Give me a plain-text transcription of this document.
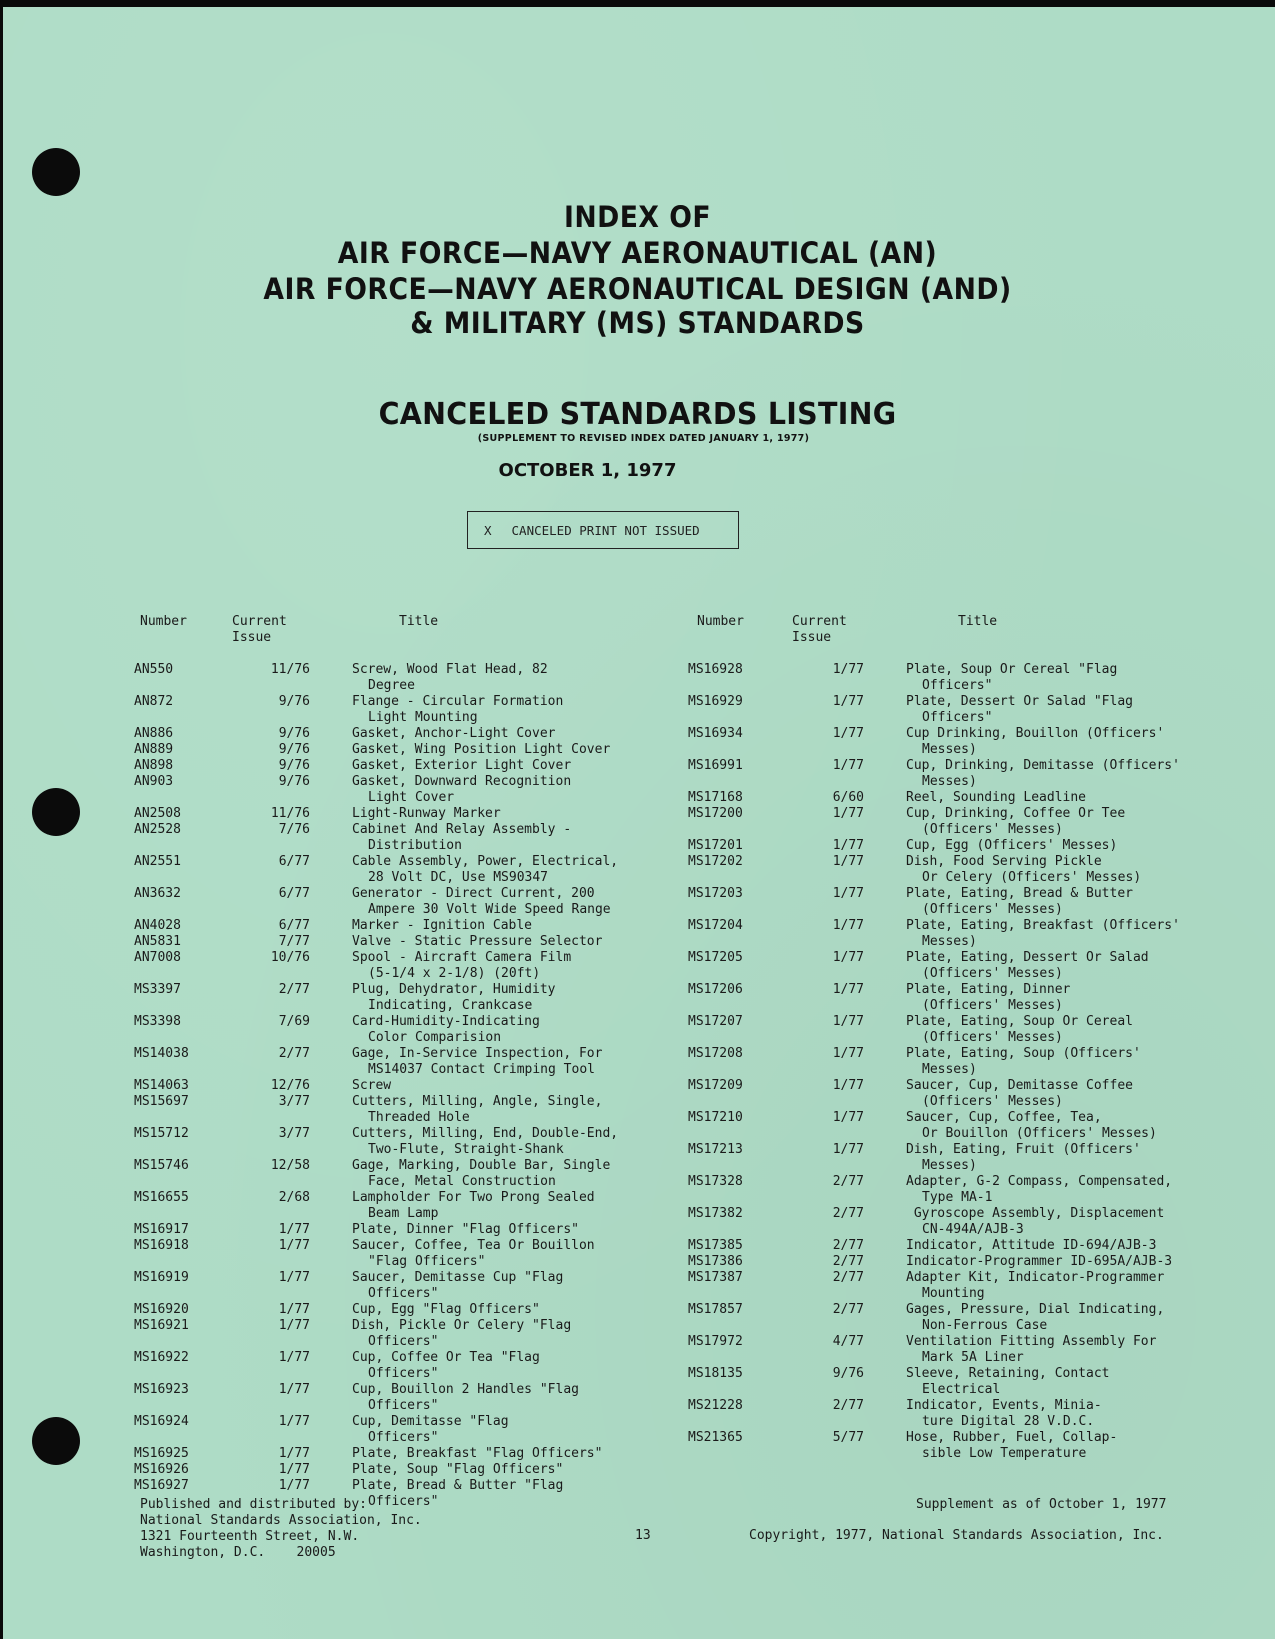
INDEX OF
AIR FORCE—NAVY AERONAUTICAL (AN)
AIR FORCE—NAVY AERONAUTICAL DESIGN (AND)
& MILITARY (MS) STANDARDS
CANCELED STANDARDS LISTING
(SUPPLEMENT TO REVISED INDEX DATED JANUARY 1, 1977)
OCTOBER 1, 1977
X CANCELED PRINT NOT ISSUED
Number	Current
Issue
Title	Number	Current
Issue
Title
AN550	11/76	Screw, Wood Flat Head, 82
Degree
AN872	9/76	Flange - Circular Formation
Light Mounting
AN886	9/76	Gasket, Anchor-Light Cover
AN889	9/76	Gasket, Wing Position Light Cover
AN898	9/76	Gasket, Exterior Light Cover
AN903	9/76	Gasket, Downward Recognition
Light Cover
AN2508	11/76	Light-Runway Marker
AN2528	7/76	Cabinet And Relay Assembly -
Distribution
AN2551	6/77	Cable Assembly, Power, Electrical,
28 Volt DC, Use MS90347
AN3632	6/77	Generator - Direct Current, 200
Ampere 30 Volt Wide Speed Range
AN4028	6/77	Marker - Ignition Cable
AN5831	7/77	Valve - Static Pressure Selector
AN7008	10/76	Spool - Aircraft Camera Film
(5-1/4 x 2-1/8) (20ft)
MS3397	2/77	Plug, Dehydrator, Humidity
Indicating, Crankcase
MS3398	7/69	Card-Humidity-Indicating
Color Comparision
MS14038	2/77	Gage, In-Service Inspection, For
MS14037 Contact Crimping Tool
MS14063	12/76	Screw
MS15697	3/77	Cutters, Milling, Angle, Single,
Threaded Hole
MS15712	3/77	Cutters, Milling, End, Double-End,
Two-Flute, Straight-Shank
MS15746	12/58	Gage, Marking, Double Bar, Single
Face, Metal Construction
MS16655	2/68	Lampholder For Two Prong Sealed
Beam Lamp
MS16917	1/77	Plate, Dinner "Flag Officers"
MS16918	1/77	Saucer, Coffee, Tea Or Bouillon
"Flag Officers"
MS16919	1/77	Saucer, Demitasse Cup "Flag
Officers"
MS16920	1/77	Cup, Egg "Flag Officers"
MS16921	1/77	Dish, Pickle Or Celery "Flag
Officers"
MS16922	1/77	Cup, Coffee Or Tea "Flag
Officers"
MS16923	1/77	Cup, Bouillon 2 Handles "Flag
Officers"
MS16924	1/77	Cup, Demitasse "Flag
Officers"
MS16925	1/77	Plate, Breakfast "Flag Officers"
MS16926	1/77	Plate, Soup "Flag Officers"
MS16927	1/77	Plate, Bread & Butter "Flag
Officers"
MS16928	1/77	Plate, Soup Or Cereal "Flag
Officers"
MS16929	1/77	Plate, Dessert Or Salad "Flag
Officers"
MS16934	1/77	Cup Drinking, Bouillon (Officers'
Messes)
MS16991	1/77	Cup, Drinking, Demitasse (Officers'
Messes)
MS17168	6/60	Reel, Sounding Leadline
MS17200	1/77	Cup, Drinking, Coffee Or Tee
(Officers' Messes)
MS17201	1/77	Cup, Egg (Officers' Messes)
MS17202	1/77	Dish, Food Serving Pickle
Or Celery (Officers' Messes)
MS17203	1/77	Plate, Eating, Bread & Butter
(Officers' Messes)
MS17204	1/77	Plate, Eating, Breakfast (Officers'
Messes)
MS17205	1/77	Plate, Eating, Dessert Or Salad
(Officers' Messes)
MS17206	1/77	Plate, Eating, Dinner
(Officers' Messes)
MS17207	1/77	Plate, Eating, Soup Or Cereal
(Officers' Messes)
MS17208	1/77	Plate, Eating, Soup (Officers'
Messes)
MS17209	1/77	Saucer, Cup, Demitasse Coffee
(Officers' Messes)
MS17210	1/77	Saucer, Cup, Coffee, Tea,
Or Bouillon (Officers' Messes)
MS17213	1/77	Dish, Eating, Fruit (Officers'
Messes)
MS17328	2/77	Adapter, G-2 Compass, Compensated,
Type MA-1
MS17382	2/77	Gyroscope Assembly, Displacement
CN-494A/AJB-3
MS17385	2/77	Indicator, Attitude ID-694/AJB-3
MS17386	2/77	Indicator-Programmer ID-695A/AJB-3
MS17387	2/77	Adapter Kit, Indicator-Programmer
Mounting
MS17857	2/77	Gages, Pressure, Dial Indicating,
Non-Ferrous Case
MS17972	4/77	Ventilation Fitting Assembly For
Mark 5A Liner
MS18135	9/76	Sleeve, Retaining, Contact
Electrical
MS21228	2/77	Indicator, Events, Minia-
ture Digital 28 V.D.C.
MS21365	5/77	Hose, Rubber, Fuel, Collap-
sible Low Temperature
Published and distributed by:
National Standards Association, Inc.
1321 Fourteenth Street, N.W.
Washington, D.C.    20005
13
Supplement as of October 1, 1977
Copyright, 1977, National Standards Association, Inc.
